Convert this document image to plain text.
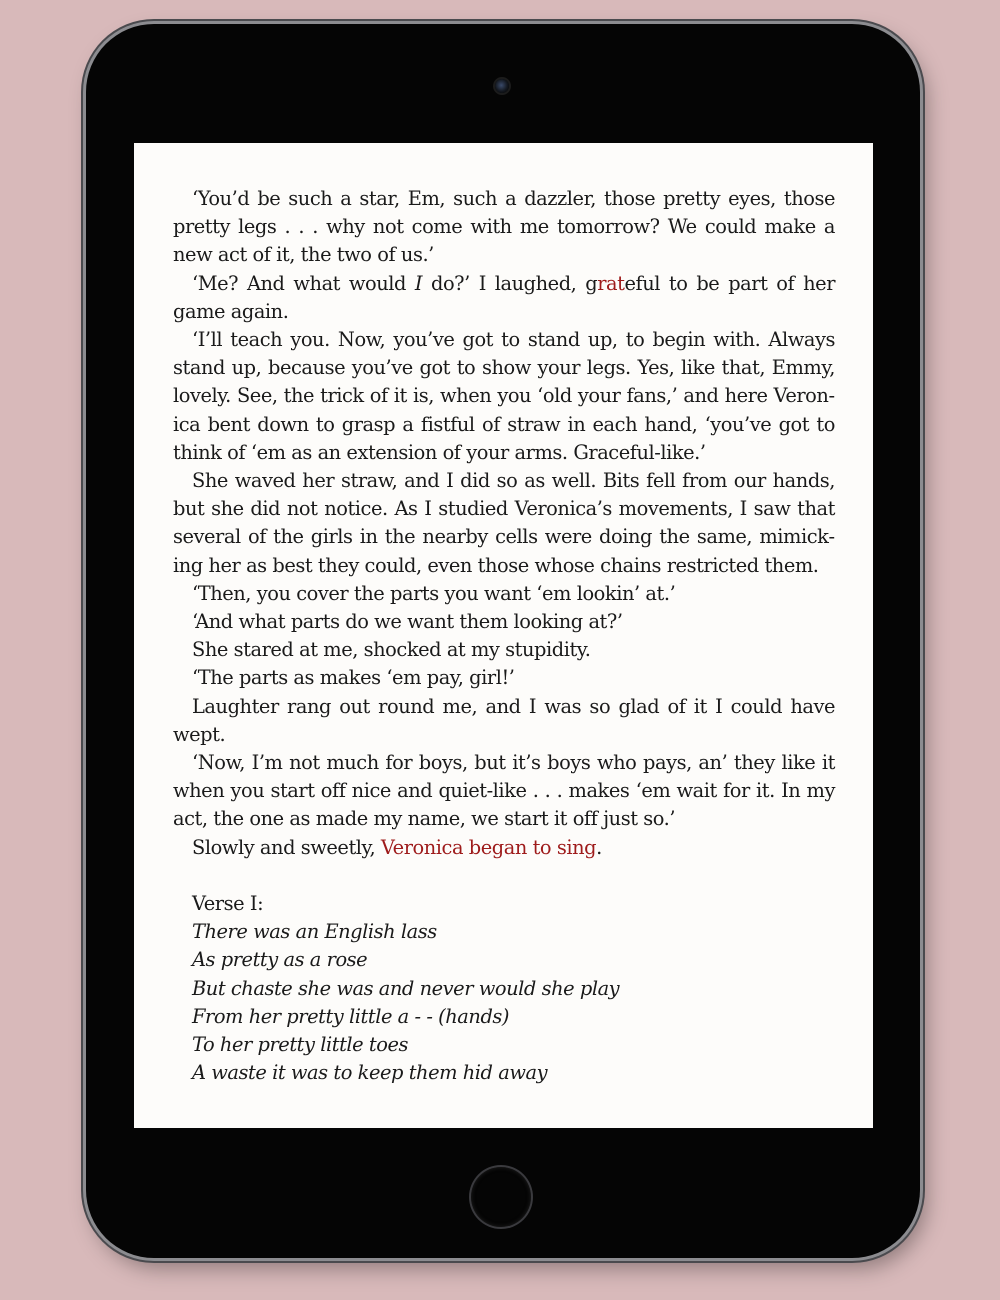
‘You’d be such a star, Em, such a dazzler, those pretty eyes, those pretty legs . . . why not come with me tomorrow? We could make a new act of it, the two of us.’

‘Me? And what would I do?’ I laughed, grateful to be part of her game again.

‘I’ll teach you. Now, you’ve got to stand up, to begin with. Always stand up, because you’ve got to show your legs. Yes, like that, Emmy, lovely. See, the trick of it is, when you ‘old your fans,’ and here Veronica bent down to grasp a fistful of straw in each hand, ‘you’ve got to think of ‘em as an extension of your arms. Graceful-like.’

She waved her straw, and I did so as well. Bits fell from our hands, but she did not notice. As I studied Veronica’s movements, I saw that several of the girls in the nearby cells were doing the same, mimicking her as best they could, even those whose chains restricted them.

‘Then, you cover the parts you want ‘em lookin’ at.’

‘And what parts do we want them looking at?’

She stared at me, shocked at my stupidity.

‘The parts as makes ‘em pay, girl!’

Laughter rang out round me, and I was so glad of it I could have wept.

‘Now, I’m not much for boys, but it’s boys who pays, an’ they like it when you start off nice and quiet-like . . . makes ‘em wait for it. In my act, the one as made my name, we start it off just so.’

Slowly and sweetly, Veronica began to sing.

Verse I:

There was an English lass

As pretty as a rose

But chaste she was and never would she play

From her pretty little a - - (hands)

To her pretty little toes

A waste it was to keep them hid away
